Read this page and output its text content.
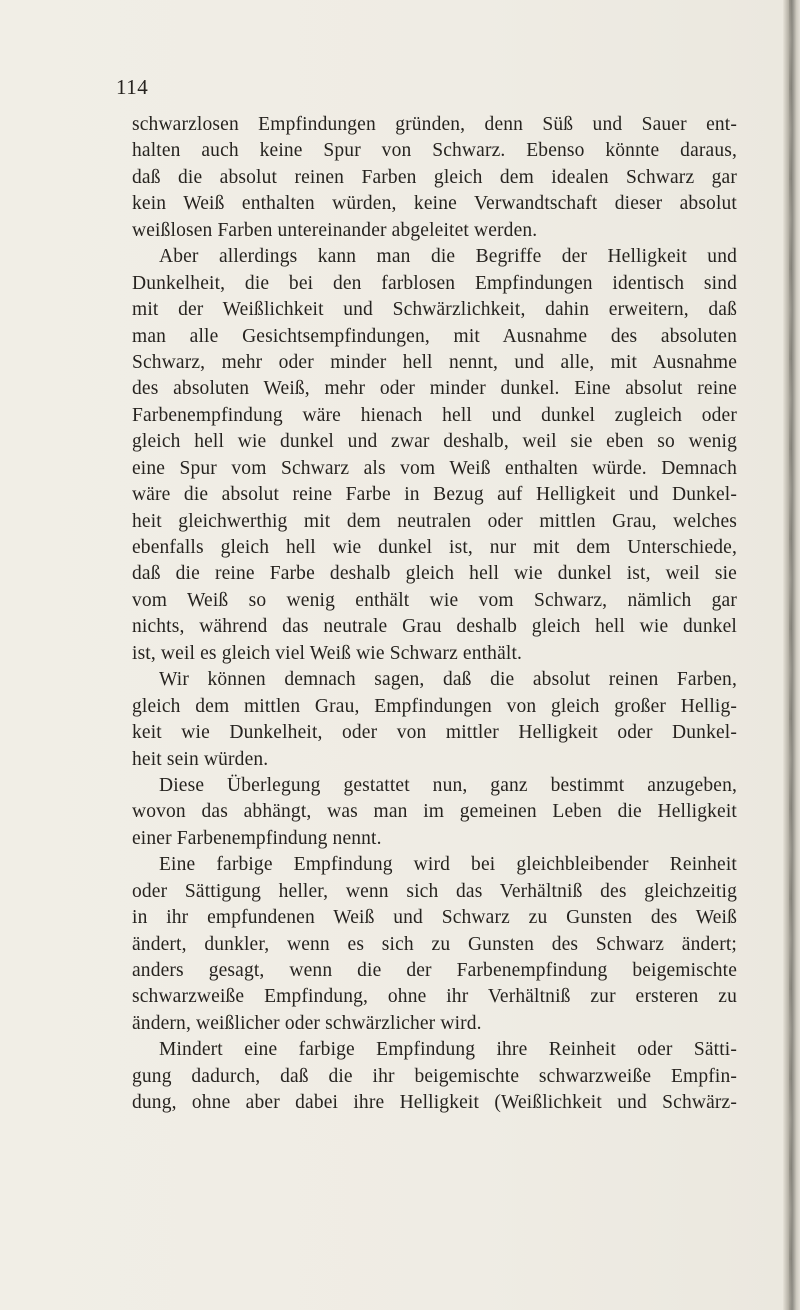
114

schwarzlosen Empfindungen gründen, denn Süß und Sauer ent-
halten auch keine Spur von Schwarz. Ebenso könnte daraus,
daß die absolut reinen Farben gleich dem idealen Schwarz gar
kein Weiß enthalten würden, keine Verwandtschaft dieser absolut
weißlosen Farben untereinander abgeleitet werden.
Aber allerdings kann man die Begriffe der Helligkeit und
Dunkelheit, die bei den farblosen Empfindungen identisch sind
mit der Weißlichkeit und Schwärzlichkeit, dahin erweitern, daß
man alle Gesichtsempfindungen, mit Ausnahme des absoluten
Schwarz, mehr oder minder hell nennt, und alle, mit Ausnahme
des absoluten Weiß, mehr oder minder dunkel. Eine absolut reine
Farbenempfindung wäre hienach hell und dunkel zugleich oder
gleich hell wie dunkel und zwar deshalb, weil sie eben so wenig
eine Spur vom Schwarz als vom Weiß enthalten würde. Demnach
wäre die absolut reine Farbe in Bezug auf Helligkeit und Dunkel-
heit gleichwerthig mit dem neutralen oder mittlen Grau, welches
ebenfalls gleich hell wie dunkel ist, nur mit dem Unterschiede,
daß die reine Farbe deshalb gleich hell wie dunkel ist, weil sie
vom Weiß so wenig enthält wie vom Schwarz, nämlich gar
nichts, während das neutrale Grau deshalb gleich hell wie dunkel
ist, weil es gleich viel Weiß wie Schwarz enthält.
Wir können demnach sagen, daß die absolut reinen Farben,
gleich dem mittlen Grau, Empfindungen von gleich großer Hellig-
keit wie Dunkelheit, oder von mittler Helligkeit oder Dunkel-
heit sein würden.
Diese Überlegung gestattet nun, ganz bestimmt anzugeben,
wovon das abhängt, was man im gemeinen Leben die Helligkeit
einer Farbenempfindung nennt.
Eine farbige Empfindung wird bei gleichbleibender Reinheit
oder Sättigung heller, wenn sich das Verhältniß des gleichzeitig
in ihr empfundenen Weiß und Schwarz zu Gunsten des Weiß
ändert, dunkler, wenn es sich zu Gunsten des Schwarz ändert;
anders gesagt, wenn die der Farbenempfindung beigemischte
schwarzweiße Empfindung, ohne ihr Verhältniß zur ersteren zu
ändern, weißlicher oder schwärzlicher wird.
Mindert eine farbige Empfindung ihre Reinheit oder Sätti-
gung dadurch, daß die ihr beigemischte schwarzweiße Empfin-
dung, ohne aber dabei ihre Helligkeit (Weißlichkeit und Schwärz-
